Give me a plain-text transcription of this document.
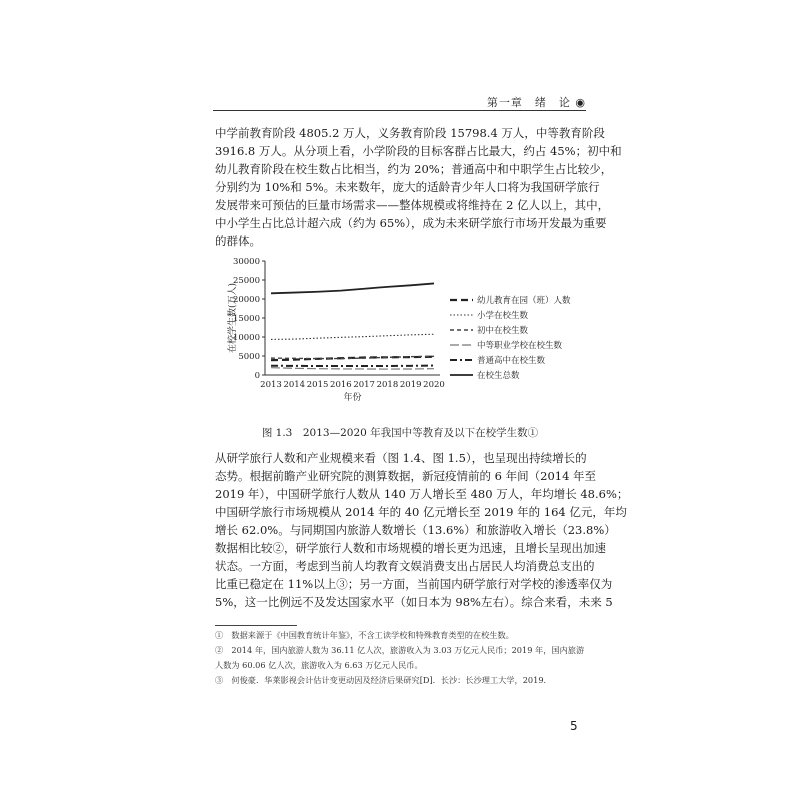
第一章　绪　论 ◉
中学前教育阶段 4805.2 万人，义务教育阶段 15798.4 万人，中等教育阶段
3916.8 万人。从分项上看，小学阶段的目标客群占比最大，约占 45%；初中和
幼儿教育阶段在校生数占比相当，约为 20%；普通高中和中职学生占比较少，
分别约为 10%和 5%。未来数年，庞大的适龄青少年人口将为我国研学旅行
发展带来可预估的巨量市场需求——整体规模或将维持在 2 亿人以上，其中，
中小学生占比总计超六成（约为 65%），成为未来研学旅行市场开发最为重要
的群体。
30000
25000
20000
15000
10000
5000
0
2013 2014 2015 2016 2017 2018 2019 2020
年份
在校学生数(万人)	幼儿教育在园（班）人数
小学在校生数
初中在校生数
中等职业学校在校生数
普通高中在校生数
在校生总数
图 1.3　2013—2020 年我国中等教育及以下在校学生数①
从研学旅行人数和产业规模来看（图 1.4、图 1.5），也呈现出持续增长的
态势。根据前瞻产业研究院的测算数据，新冠疫情前的 6 年间（2014 年至
2019 年），中国研学旅行人数从 140 万人增长至 480 万人，年均增长 48.6%；
中国研学旅行市场规模从 2014 年的 40 亿元增长至 2019 年的 164 亿元，年均
增长 62.0%。与同期国内旅游人数增长（13.6%）和旅游收入增长（23.8%）
数据相比较②，研学旅行人数和市场规模的增长更为迅速，且增长呈现出加速
状态。一方面，考虑到当前人均教育文娱消费支出占居民人均消费总支出的
比重已稳定在 11%以上③；另一方面，当前国内研学旅行对学校的渗透率仅为
5%，这一比例远不及发达国家水平（如日本为 98%左右）。综合来看，未来 5
①　数据来源于《中国教育统计年鉴》，不含工读学校和特殊教育类型的在校生数。
②　2014 年，国内旅游人数为 36.11 亿人次，旅游收入为 3.03 万亿元人民币；2019 年，国内旅游
人数为 60.06 亿人次，旅游收入为 6.63 万亿元人民币。
③　何俊豪．华莱影视会计估计变更动因及经济后果研究[D]．长沙：长沙理工大学，2019．
5
